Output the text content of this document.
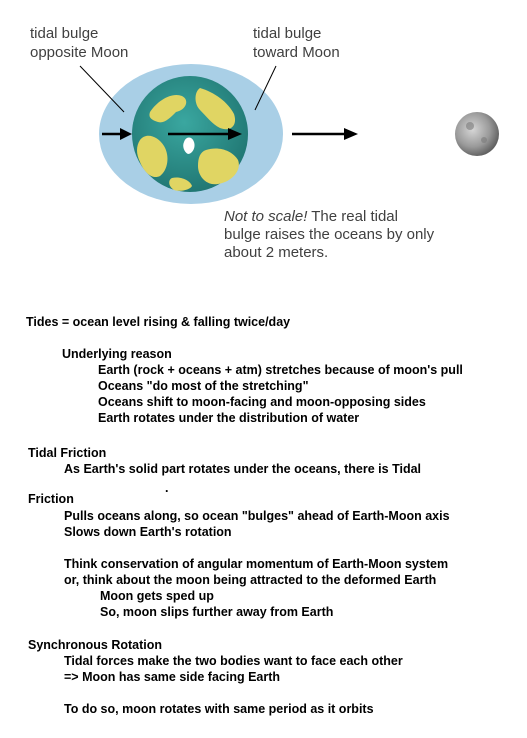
tidal bulge
opposite Moon
tidal bulge
toward Moon
Not to scale! The real tidal
bulge raises the oceans by only
about 2 meters.
Tides = ocean level rising & falling twice/day
Underlying reason
Earth (rock + oceans + atm) stretches because of moon's pull
Oceans "do most of the stretching"
Oceans shift to moon-facing and moon-opposing sides
Earth rotates under the distribution of water
Tidal Friction
As Earth's solid part rotates under the oceans, there is Tidal
Friction
.
Pulls oceans along, so ocean "bulges" ahead of Earth-Moon axis
Slows down Earth's rotation
Think conservation of angular momentum of Earth-Moon system
or, think about the moon being attracted to the deformed Earth
Moon gets sped up
So, moon slips further away from Earth
Synchronous Rotation
Tidal forces make the two bodies want to face each other
=> Moon has same side facing Earth
To do so, moon rotates with same period as it orbits
